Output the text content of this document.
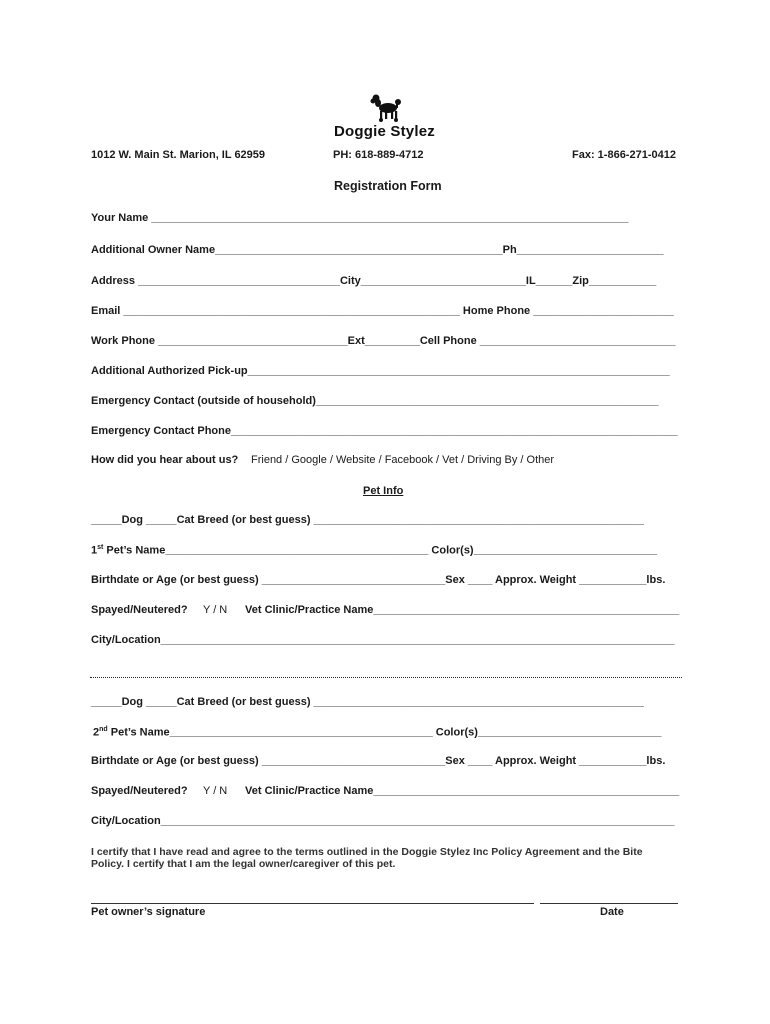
Doggie Stylez
1012 W. Main St. Marion, IL 62959	PH: 618-889-4712	Fax: 1-866-271-0412
Registration Form
Your Name ______________________________________________________________________________
Additional Owner Name_______________________________________________Ph________________________
Address _________________________________City___________________________IL______Zip___________
Email _______________________________________________________ Home Phone _______________________
Work Phone _______________________________Ext_________Cell Phone ________________________________
Additional Authorized Pick-up_____________________________________________________________________
Emergency Contact (outside of household)________________________________________________________
Emergency Contact Phone_________________________________________________________________________
How did you hear about us? Friend / Google / Website / Facebook / Vet / Driving By / Other
Pet Info
_____Dog _____Cat Breed (or best guess) ______________________________________________________
1st Pet’s Name___________________________________________ Color(s)______________________________
Birthdate or Age (or best guess) ______________________________Sex ____ Approx. Weight ___________lbs.
Spayed/Neutered? Y / N Vet Clinic/Practice Name__________________________________________________
City/Location____________________________________________________________________________________
_____Dog _____Cat Breed (or best guess) ______________________________________________________
2nd Pet’s Name___________________________________________ Color(s)______________________________
Birthdate or Age (or best guess) ______________________________Sex ____ Approx. Weight ___________lbs.
Spayed/Neutered? Y / N Vet Clinic/Practice Name__________________________________________________
City/Location____________________________________________________________________________________
I certify that I have read and agree to the terms outlined in the Doggie Stylez Inc Policy Agreement and the Bite
Policy. I certify that I am the legal owner/caregiver of this pet.
Pet owner’s signature	Date
